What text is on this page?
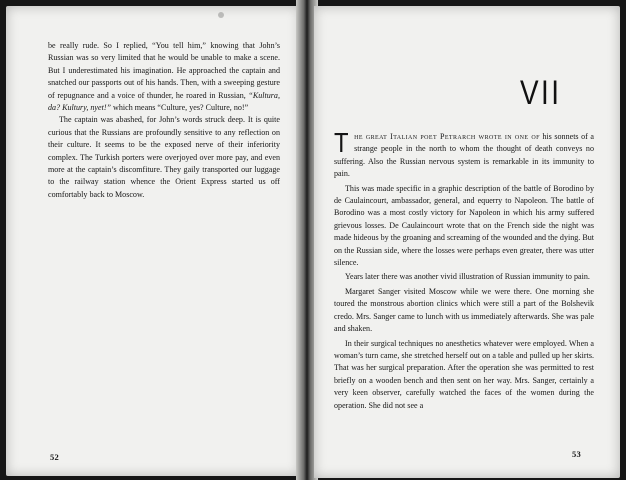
be really rude. So I replied, “You tell him,” knowing that John’s Russian was so very limited that he would be unable to make a scene. But I underestimated his imagination. He approached the captain and snatched our passports out of his hands. Then, with a sweeping gesture of repugnance and a voice of thunder, he roared in Russian, “Kultura, da? Kultury, nyet!” which means “Culture, yes? Culture, no!”

The captain was abashed, for John’s words struck deep. It is quite curious that the Russians are profoundly sensitive to any reflection on their culture. It seems to be the exposed nerve of their inferiority complex. The Turkish porters were overjoyed over more pay, and even more at the captain’s discomfiture. They gaily transported our luggage to the railway station whence the Orient Express started us off comfortably back to Moscow.

52
VII

The great Italian poet Petrarch wrote in one of his sonnets of a strange people in the north to whom the thought of death conveys no suffering. Also the Russian nervous system is remarkable in its immunity to pain.

This was made specific in a graphic description of the battle of Borodino by de Caulaincourt, ambassador, general, and equerry to Napoleon. The battle of Borodino was a most costly victory for Napoleon in which his army suffered grievous losses. De Caulaincourt wrote that on the French side the night was made hideous by the groaning and screaming of the wounded and the dying. But on the Russian side, where the losses were perhaps even greater, there was utter silence.

Years later there was another vivid illustration of Russian immunity to pain.

Margaret Sanger visited Moscow while we were there. One morning she toured the monstrous abortion clinics which were still a part of the Bolshevik credo. Mrs. Sanger came to lunch with us immediately afterwards. She was pale and shaken.

In their surgical techniques no anesthetics whatever were employed. When a woman’s turn came, she stretched herself out on a table and pulled up her skirts. That was her surgical preparation. After the operation she was permitted to rest briefly on a wooden bench and then sent on her way. Mrs. Sanger, certainly a very keen observer, carefully watched the faces of the women during the operation. She did not see a

53
